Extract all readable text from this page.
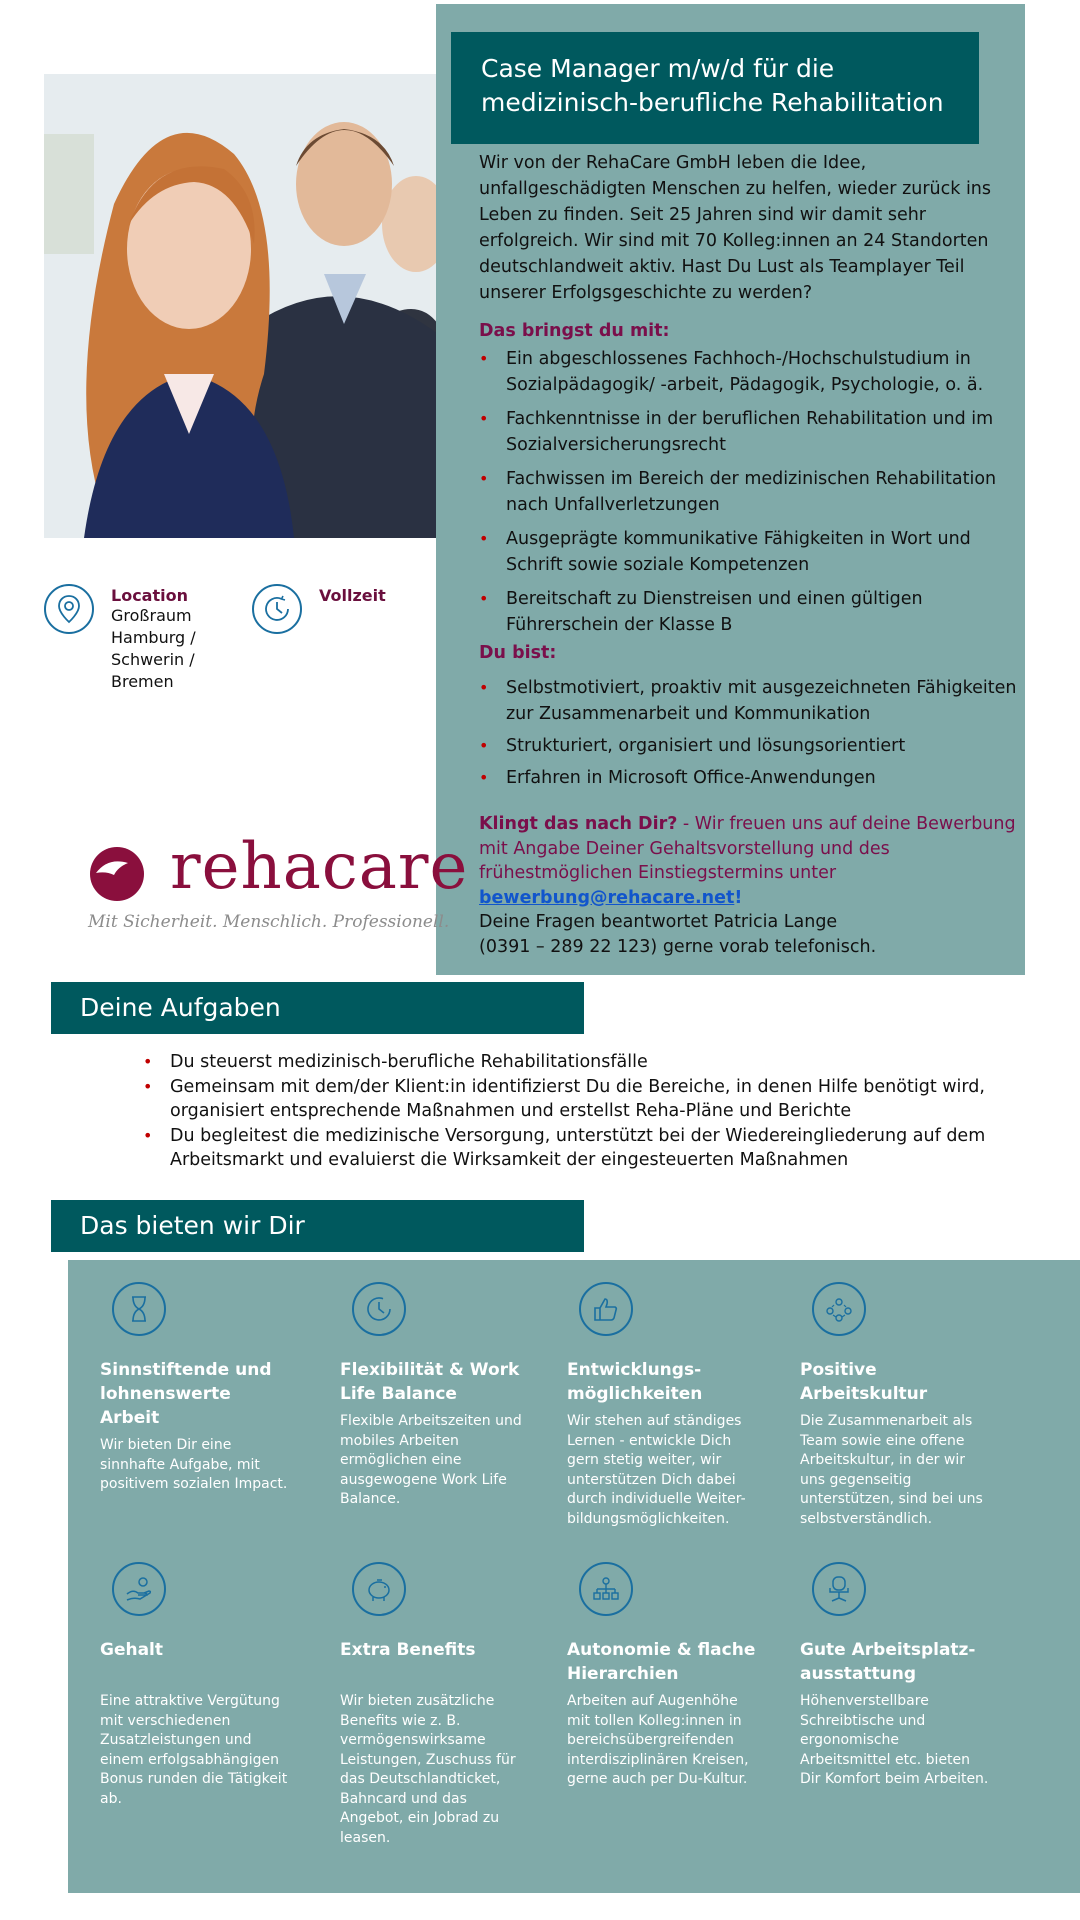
Case Manager m/w/d für die medizinisch-berufliche Rehabilitation
Wir von der RehaCare GmbH leben die Idee, unfallgeschädigten Menschen zu helfen, wieder zurück ins Leben zu finden. Seit 25 Jahren sind wir damit sehr erfolgreich. Wir sind mit 70 Kolleg:innen an 24 Standorten deutschlandweit aktiv. Hast Du Lust als Teamplayer Teil unserer Erfolgsgeschichte zu werden?
Das bringst du mit:
• Ein abgeschlossenes Fachhoch-/Hochschulstudium in Sozialpädagogik/ -arbeit, Pädagogik, Psychologie, o. ä.
• Fachkenntnisse in der beruflichen Rehabilitation und im Sozialversicherungsrecht
• Fachwissen im Bereich der medizinischen Rehabilitation nach Unfallverletzungen
• Ausgeprägte kommunikative Fähigkeiten in Wort und Schrift sowie soziale Kompetenzen
• Bereitschaft zu Dienstreisen und einen gültigen Führerschein der Klasse B
Du bist:
• Selbstmotiviert, proaktiv mit ausgezeichneten Fähigkeiten zur Zusammenarbeit und Kommunikation
• Strukturiert, organisiert und lösungsorientiert
• Erfahren in Microsoft Office-Anwendungen
Klingt das nach Dir? - Wir freuen uns auf deine Bewerbung mit Angabe Deiner Gehaltsvorstellung und des frühestmöglichen Einstiegstermins unter bewerbung@rehacare.net!
Deine Fragen beantwortet Patricia Lange
(0391 – 289 22 123) gerne vorab telefonisch.
Location
Großraum
Hamburg /
Schwerin /
Bremen
Vollzeit
rehacare
Mit Sicherheit. Menschlich. Professionell.
Deine Aufgaben
• Du steuerst medizinisch-berufliche Rehabilitationsfälle
• Gemeinsam mit dem/der Klient:in identifizierst Du die Bereiche, in denen Hilfe benötigt wird, organisiert entsprechende Maßnahmen und erstellst Reha-Pläne und Berichte
• Du begleitest die medizinische Versorgung, unterstützt bei der Wiedereingliederung auf dem Arbeitsmarkt und evaluierst die Wirksamkeit der eingesteuerten Maßnahmen
Das bieten wir Dir
Sinnstiftende und lohnenswerte Arbeit
Wir bieten Dir eine sinnhafte Aufgabe, mit positivem sozialen Impact.
Flexibilität & Work Life Balance
Flexible Arbeitszeiten und mobiles Arbeiten ermöglichen eine ausgewogene Work Life Balance.
Entwicklungs-möglichkeiten
Wir stehen auf ständiges Lernen - entwickle Dich gern stetig weiter, wir unterstützen Dich dabei durch individuelle Weiter-bildungsmöglichkeiten.
Positive Arbeitskultur
Die Zusammenarbeit als Team sowie eine offene Arbeitskultur, in der wir uns gegenseitig unterstützen, sind bei uns selbstverständlich.
Gehalt
Eine attraktive Vergütung mit verschiedenen Zusatzleistungen und einem erfolgsabhängigen Bonus runden die Tätigkeit ab.
Extra Benefits
Wir bieten zusätzliche Benefits wie z. B. vermögenswirksame Leistungen, Zuschuss für das Deutschlandticket, Bahncard und das Angebot, ein Jobrad zu leasen.
Autonomie & flache Hierarchien
Arbeiten auf Augenhöhe mit tollen Kolleg:innen in bereichsübergreifenden interdisziplinären Kreisen, gerne auch per Du-Kultur.
Gute Arbeitsplatz-ausstattung
Höhenverstellbare Schreibtische und ergonomische Arbeitsmittel etc. bieten Dir Komfort beim Arbeiten.
